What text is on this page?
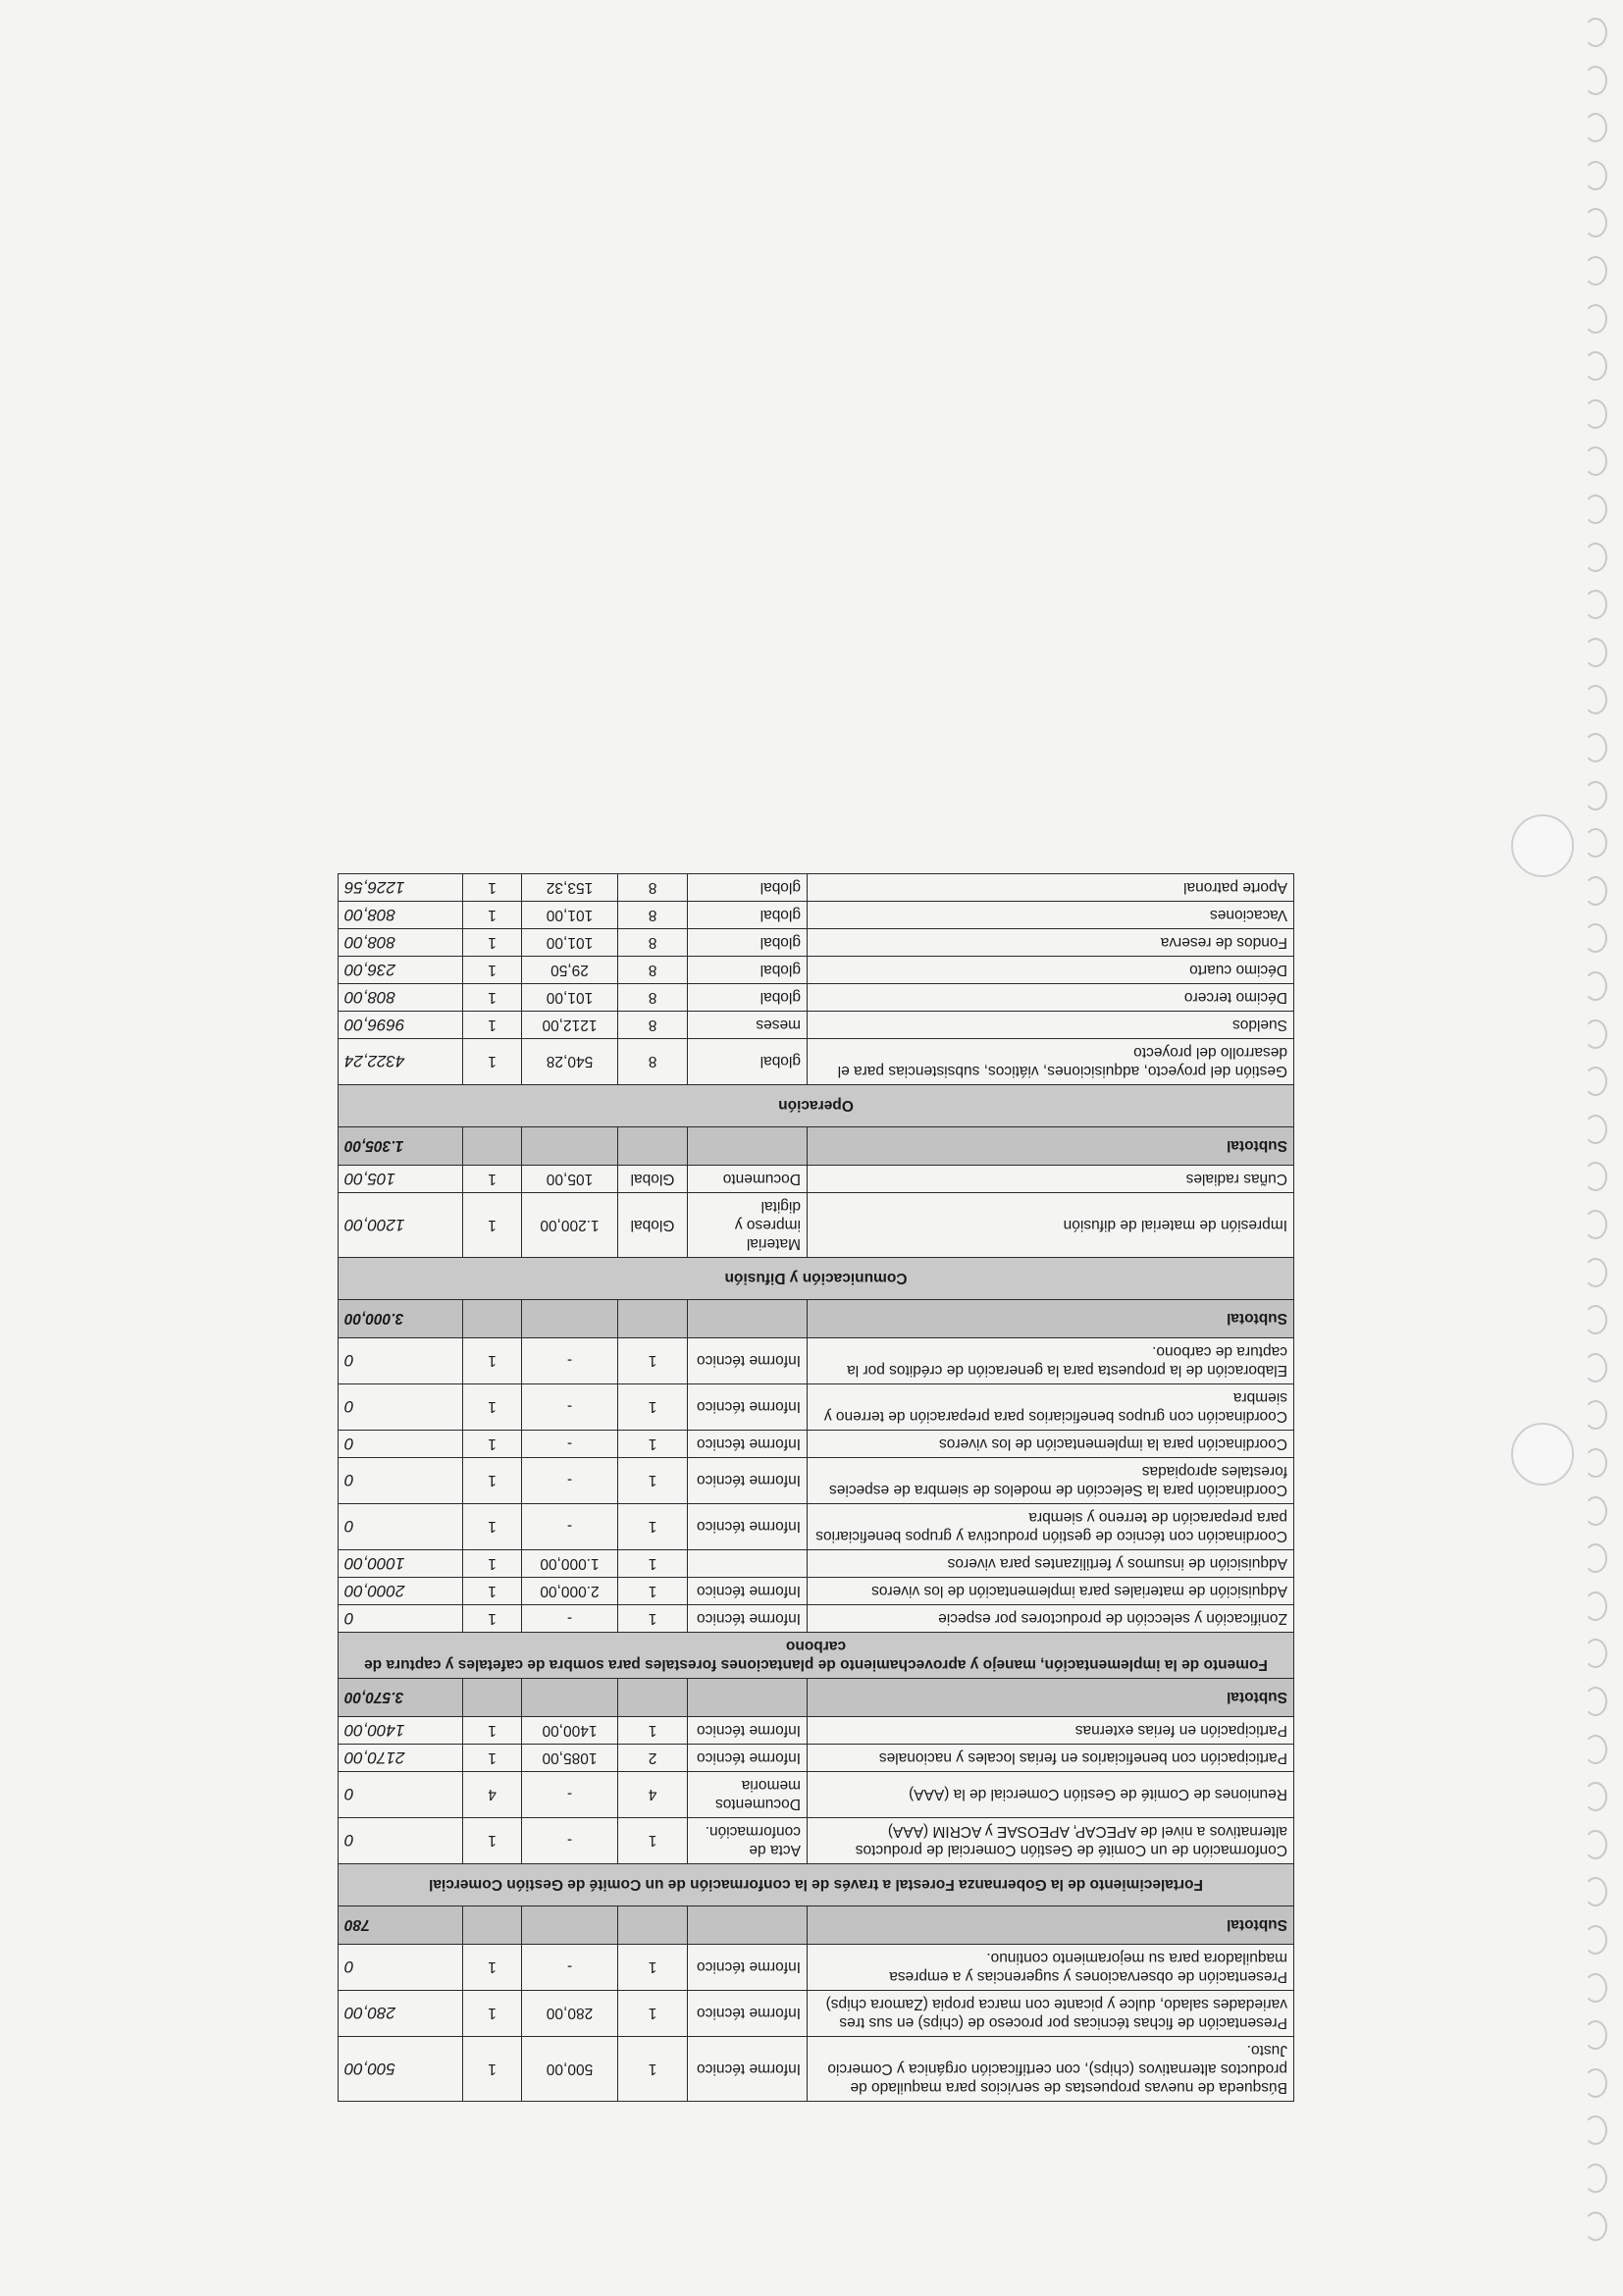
Búsqueda de nuevas propuestas de servicios para maquilado de productos alternativos (chips), con certificación orgánica y Comercio Justo.	Informe técnico	1	500,00	1	500,00
Presentación de fichas técnicas por proceso de (chips) en sus tres variedades salado, dulce y picante con marca propia (Zamora chips)	Informe técnico	1	280,00	1	280,00
Presentación de observaciones y sugerencias y a empresa maquiladora para su mejoramiento continuo.	Informe técnico	1	-	1	0
Subtotal					780
Fortalecimiento de la Gobernanza Forestal a través de la conformación de un Comité de Gestión Comercial					
Conformación de un Comité de Gestión Comercial de productos alternativos a nivel de APECAP, APEOSAE y ACRIM (AAA)	Acta de conformación.	1	-	1	0
Reuniones de Comité de Gestión Comercial de la (AAA)	Documentos memoria	4	-	4	0
Participación con beneficiarios en ferias locales y nacionales	Informe técnico	2	1085,00	1	2170,00
Participación en ferias externas	Informe técnico	1	1400,00	1	1400,00
Subtotal					3.570,00
Fomento de la implementación, manejo y aprovechamiento de plantaciones forestales para sombra de cafetales y captura de carbono					
Zonificación y selección de productores por especie	Informe técnico	1	-	1	0
Adquisición de materiales para implementación de los viveros	Informe técnico	1	2.000,00	1	2000,00
Adquisición de insumos y fertilizantes para viveros		1	1.000,00	1	1000,00
Coordinación con técnico de gestión productiva y grupos beneficiarios para preparación de terreno y siembra	Informe técnico	1	-	1	0
Coordinación para la Selección de modelos de siembra de especies forestales apropiadas	Informe técnico	1	-	1	0
Coordinación para la implementación de los viveros	Informe técnico	1	-	1	0
Coordinación con grupos beneficiarios para preparación de terreno y siembra	Informe técnico	1	-	1	0
Elaboración de la propuesta para la generación de créditos por la captura de carbono.	Informe técnico	1	-	1	0
Subtotal					3.000,00
Comunicación y Difusión					
Impresión de material de difusión	Material impreso y digital	Global	1.200,00	1	1200,00
Cuñas radiales	Documento	Global	105,00	1	105,00
Subtotal					1.305,00
Operación					
Gestión del proyecto, adquisiciones, viáticos, subsistencias para el desarrollo del proyecto	global	8	540,28	1	4322,24
Sueldos	meses	8	1212,00	1	9696,00
Décimo tercero	global	8	101,00	1	808,00
Décimo cuarto	global	8	29,50	1	236,00
Fondos de reserva	global	8	101,00	1	808,00
Vacaciones	global	8	101,00	1	808,00
Aporte patronal	global	8	153,32	1	1226,56
